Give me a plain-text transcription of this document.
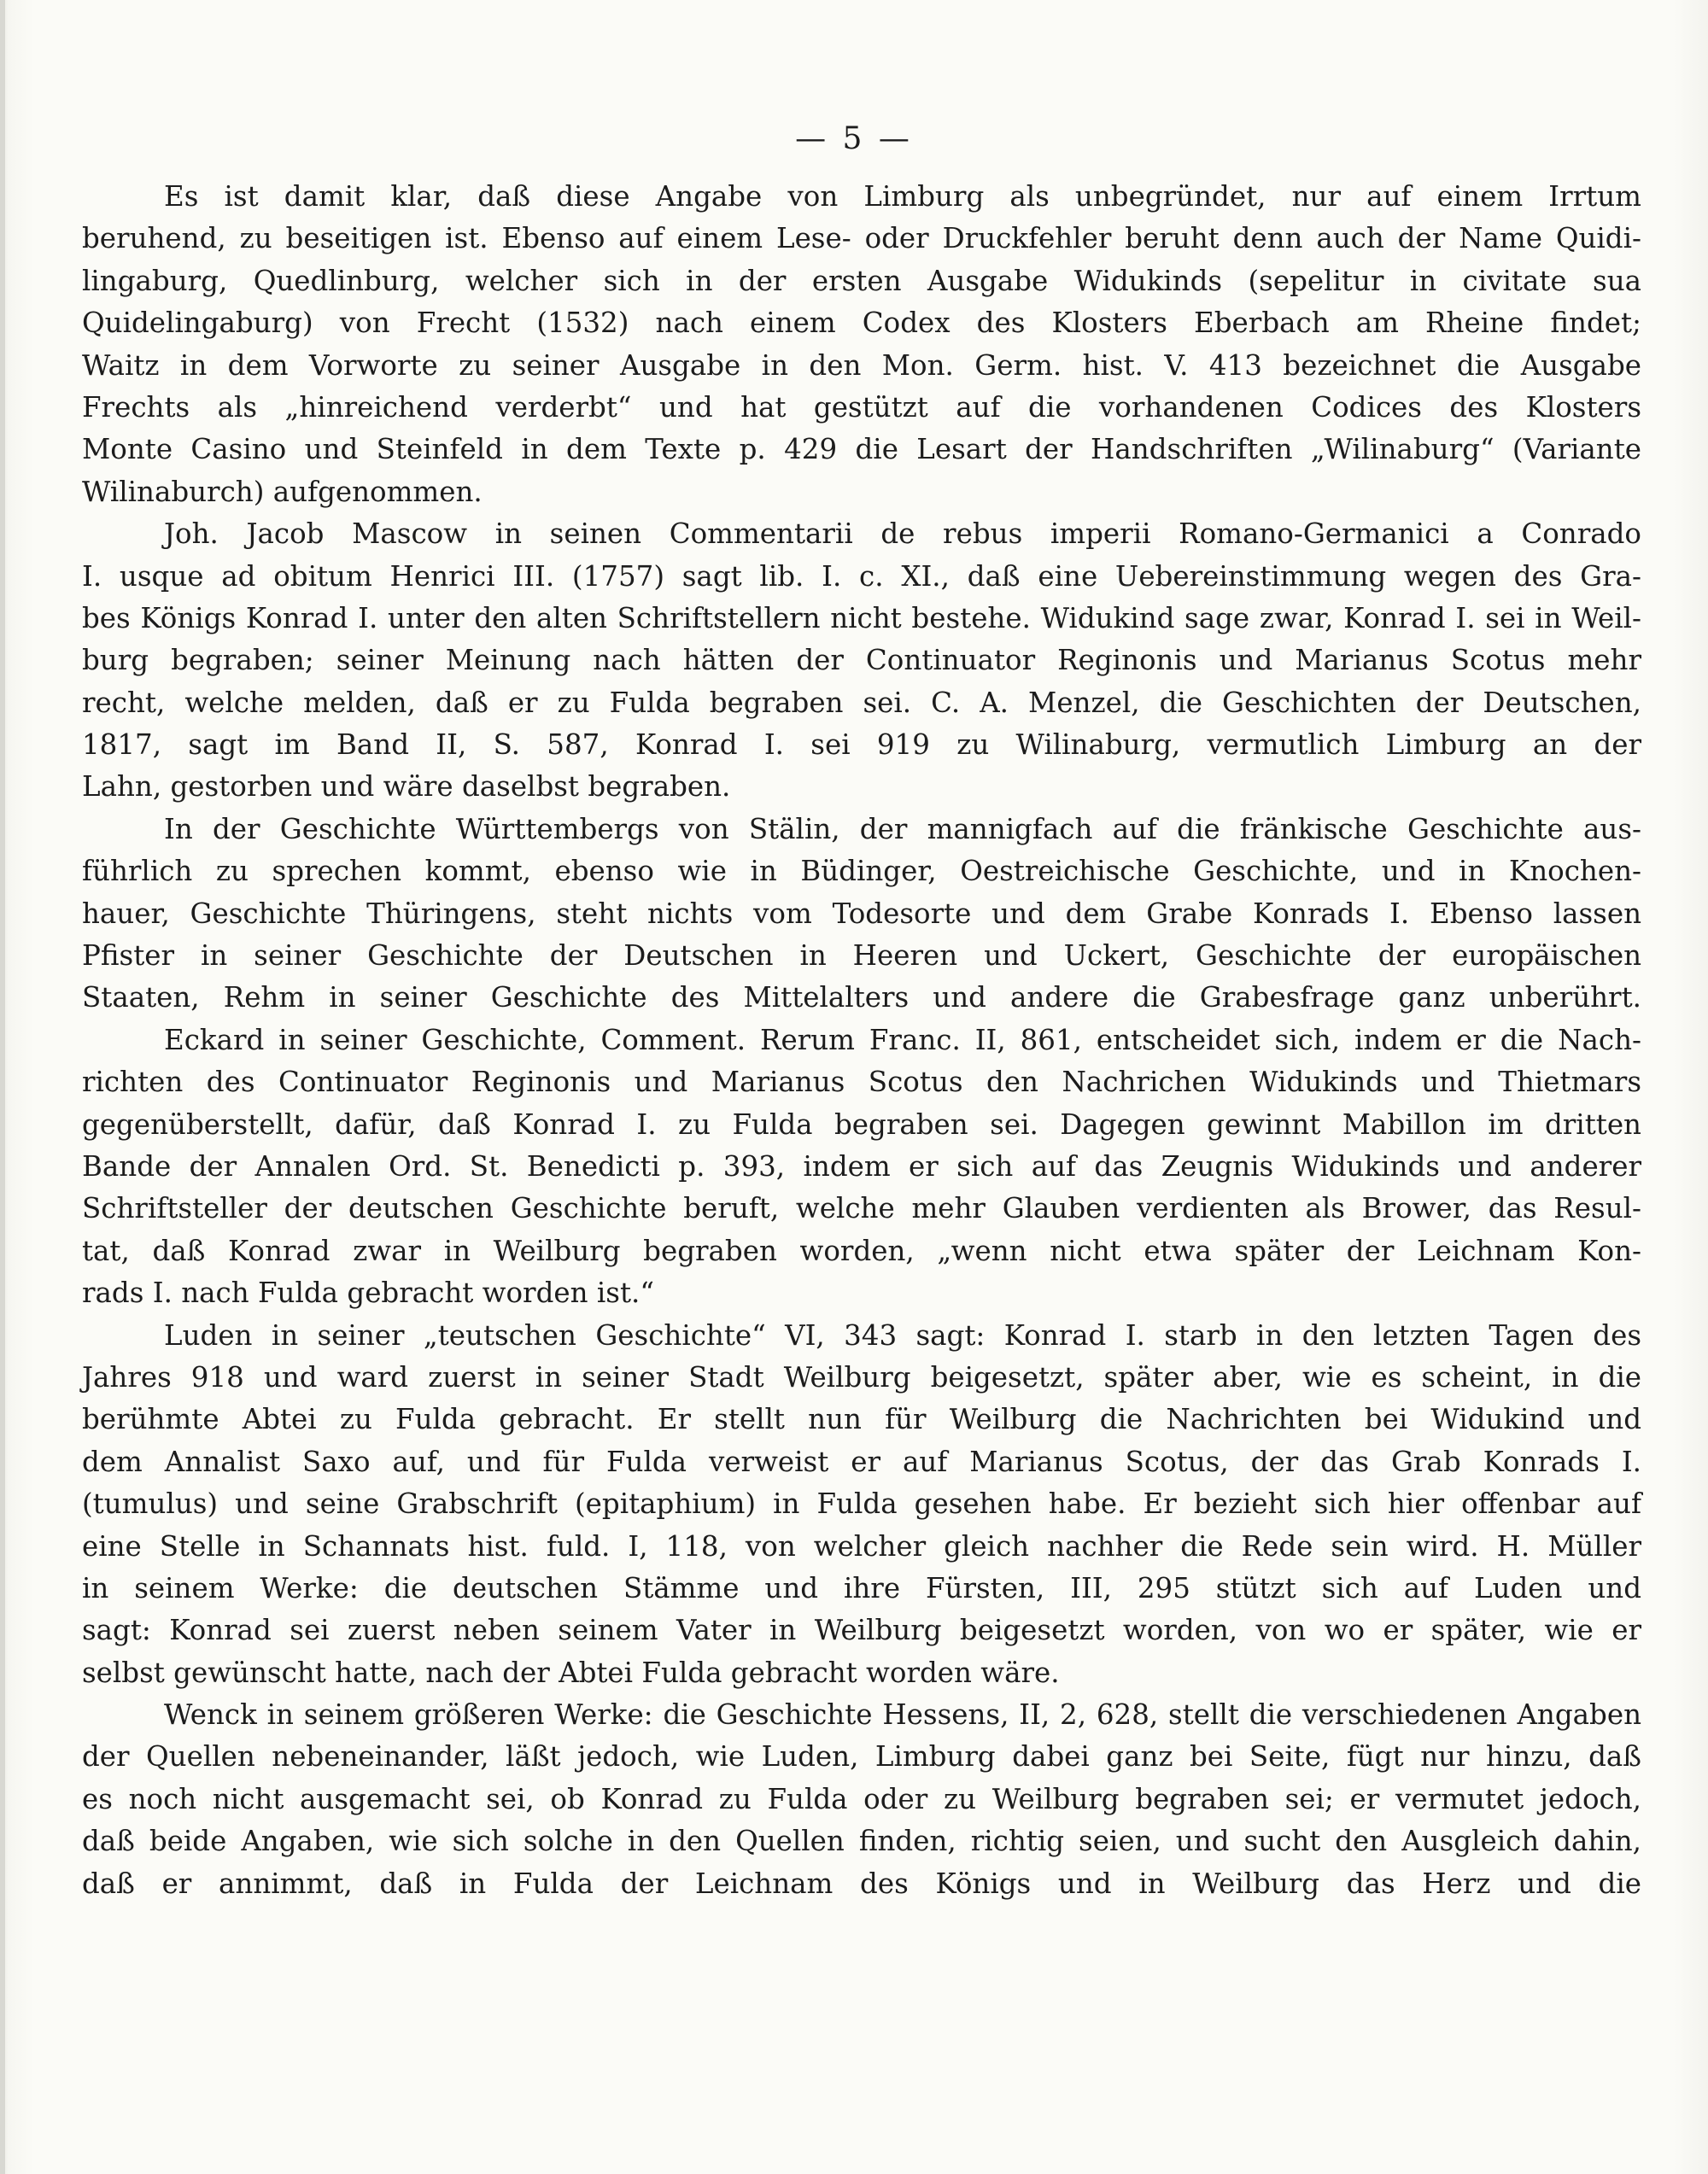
— 5 —
Es ist damit klar, daß diese Angabe von Limburg als unbegründet, nur auf einem Irrtum
beruhend, zu beseitigen ist. Ebenso auf einem Lese- oder Druckfehler beruht denn auch der Name Quidi-
lingaburg, Quedlinburg, welcher sich in der ersten Ausgabe Widukinds (sepelitur in civitate sua
Quidelingaburg) von Frecht (1532) nach einem Codex des Klosters Eberbach am Rheine findet;
Waitz in dem Vorworte zu seiner Ausgabe in den Mon. Germ. hist. V. 413 bezeichnet die Ausgabe
Frechts als „hinreichend verderbt“ und hat gestützt auf die vorhandenen Codices des Klosters
Monte Casino und Steinfeld in dem Texte p. 429 die Lesart der Handschriften „Wilinaburg“ (Variante
Wilinaburch) aufgenommen.
Joh. Jacob Mascow in seinen Commentarii de rebus imperii Romano-Germanici a Conrado
I. usque ad obitum Henrici III. (1757) sagt lib. I. c. XI., daß eine Uebereinstimmung wegen des Gra-
bes Königs Konrad I. unter den alten Schriftstellern nicht bestehe. Widukind sage zwar, Konrad I. sei in Weil-
burg begraben; seiner Meinung nach hätten der Continuator Reginonis und Marianus Scotus mehr
recht, welche melden, daß er zu Fulda begraben sei. C. A. Menzel, die Geschichten der Deutschen,
1817, sagt im Band II, S. 587, Konrad I. sei 919 zu Wilinaburg, vermutlich Limburg an der
Lahn, gestorben und wäre daselbst begraben.
In der Geschichte Württembergs von Stälin, der mannigfach auf die fränkische Geschichte aus-
führlich zu sprechen kommt, ebenso wie in Büdinger, Oestreichische Geschichte, und in Knochen-
hauer, Geschichte Thüringens, steht nichts vom Todesorte und dem Grabe Konrads I. Ebenso lassen
Pfister in seiner Geschichte der Deutschen in Heeren und Uckert, Geschichte der europäischen
Staaten, Rehm in seiner Geschichte des Mittelalters und andere die Grabesfrage ganz unberührt.
Eckard in seiner Geschichte, Comment. Rerum Franc. II, 861, entscheidet sich, indem er die Nach-
richten des Continuator Reginonis und Marianus Scotus den Nachrichen Widukinds und Thietmars
gegenüberstellt, dafür, daß Konrad I. zu Fulda begraben sei. Dagegen gewinnt Mabillon im dritten
Bande der Annalen Ord. St. Benedicti p. 393, indem er sich auf das Zeugnis Widukinds und anderer
Schriftsteller der deutschen Geschichte beruft, welche mehr Glauben verdienten als Brower, das Resul-
tat, daß Konrad zwar in Weilburg begraben worden, „wenn nicht etwa später der Leichnam Kon-
rads I. nach Fulda gebracht worden ist.“
Luden in seiner „teutschen Geschichte“ VI, 343 sagt: Konrad I. starb in den letzten Tagen des
Jahres 918 und ward zuerst in seiner Stadt Weilburg beigesetzt, später aber, wie es scheint, in die
berühmte Abtei zu Fulda gebracht. Er stellt nun für Weilburg die Nachrichten bei Widukind und
dem Annalist Saxo auf, und für Fulda verweist er auf Marianus Scotus, der das Grab Konrads I.
(tumulus) und seine Grabschrift (epitaphium) in Fulda gesehen habe. Er bezieht sich hier offenbar auf
eine Stelle in Schannats hist. fuld. I, 118, von welcher gleich nachher die Rede sein wird. H. Müller
in seinem Werke: die deutschen Stämme und ihre Fürsten, III, 295 stützt sich auf Luden und
sagt: Konrad sei zuerst neben seinem Vater in Weilburg beigesetzt worden, von wo er später, wie er
selbst gewünscht hatte, nach der Abtei Fulda gebracht worden wäre.
Wenck in seinem größeren Werke: die Geschichte Hessens, II, 2, 628, stellt die verschiedenen Angaben
der Quellen nebeneinander, läßt jedoch, wie Luden, Limburg dabei ganz bei Seite, fügt nur hinzu, daß
es noch nicht ausgemacht sei, ob Konrad zu Fulda oder zu Weilburg begraben sei; er vermutet jedoch,
daß beide Angaben, wie sich solche in den Quellen finden, richtig seien, und sucht den Ausgleich dahin,
daß er annimmt, daß in Fulda der Leichnam des Königs und in Weilburg das Herz und die
